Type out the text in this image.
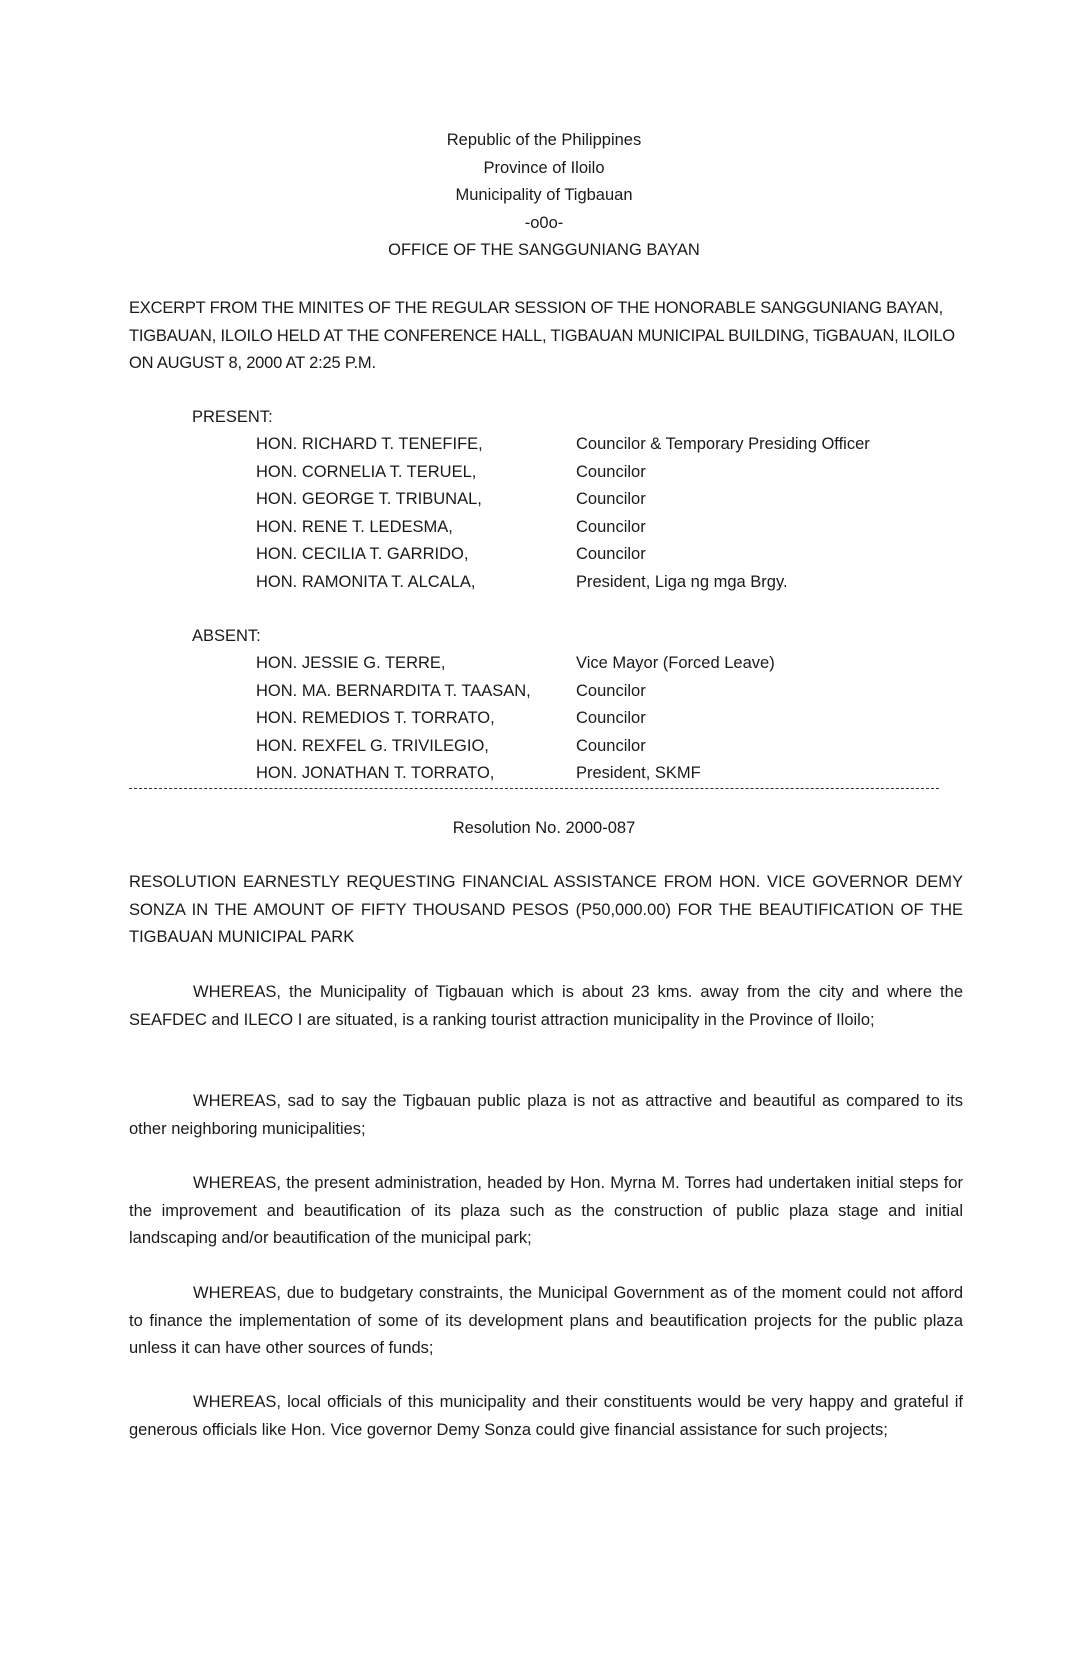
Republic of the Philippines
Province of Iloilo
Municipality of Tigbauan
-o0o-
OFFICE OF THE SANGGUNIANG BAYAN
EXCERPT FROM THE MINITES OF THE REGULAR SESSION OF THE HONORABLE SANGGUNIANG BAYAN, TIGBAUAN, ILOILO HELD AT THE CONFERENCE HALL, TIGBAUAN MUNICIPAL BUILDING, TiGBAUAN, ILOILO ON AUGUST 8, 2000 AT 2:25 P.M.
PRESENT:
HON. RICHARD T. TENEFIFE,	Councilor & Temporary Presiding Officer
HON. CORNELIA T. TERUEL,	Councilor
HON. GEORGE T. TRIBUNAL,	Councilor
HON. RENE T. LEDESMA,	Councilor
HON. CECILIA T. GARRIDO,	Councilor
HON. RAMONITA T. ALCALA,	President, Liga ng mga Brgy.
ABSENT:
HON. JESSIE G. TERRE,	Vice Mayor (Forced Leave)
HON. MA. BERNARDITA T. TAASAN,	Councilor
HON. REMEDIOS T. TORRATO,	Councilor
HON. REXFEL G. TRIVILEGIO,	Councilor
HON. JONATHAN T. TORRATO,	President, SKMF
Resolution No. 2000-087
RESOLUTION EARNESTLY REQUESTING FINANCIAL ASSISTANCE FROM HON. VICE GOVERNOR DEMY SONZA IN THE AMOUNT OF FIFTY THOUSAND PESOS (P50,000.00) FOR THE BEAUTIFICATION OF THE TIGBAUAN MUNICIPAL PARK
WHEREAS, the Municipality of Tigbauan which is about 23 kms. away from the city and where the SEAFDEC and ILECO I are situated, is a ranking tourist attraction municipality in the Province of Iloilo;
WHEREAS, sad to say the Tigbauan public plaza is not as attractive and beautiful as compared to its other neighboring municipalities;
WHEREAS, the present administration, headed by Hon. Myrna M. Torres had undertaken initial steps for the improvement and beautification of its plaza such as the construction of public plaza stage and initial landscaping and/or beautification of the municipal park;
WHEREAS, due to budgetary constraints, the Municipal Government as of the moment could not afford to finance the implementation of some of its development plans and beautification projects for the public plaza unless it can have other sources of funds;
WHEREAS, local officials of this municipality and their constituents would be very happy and grateful if generous officials like Hon. Vice governor Demy Sonza could give financial assistance for such projects;
